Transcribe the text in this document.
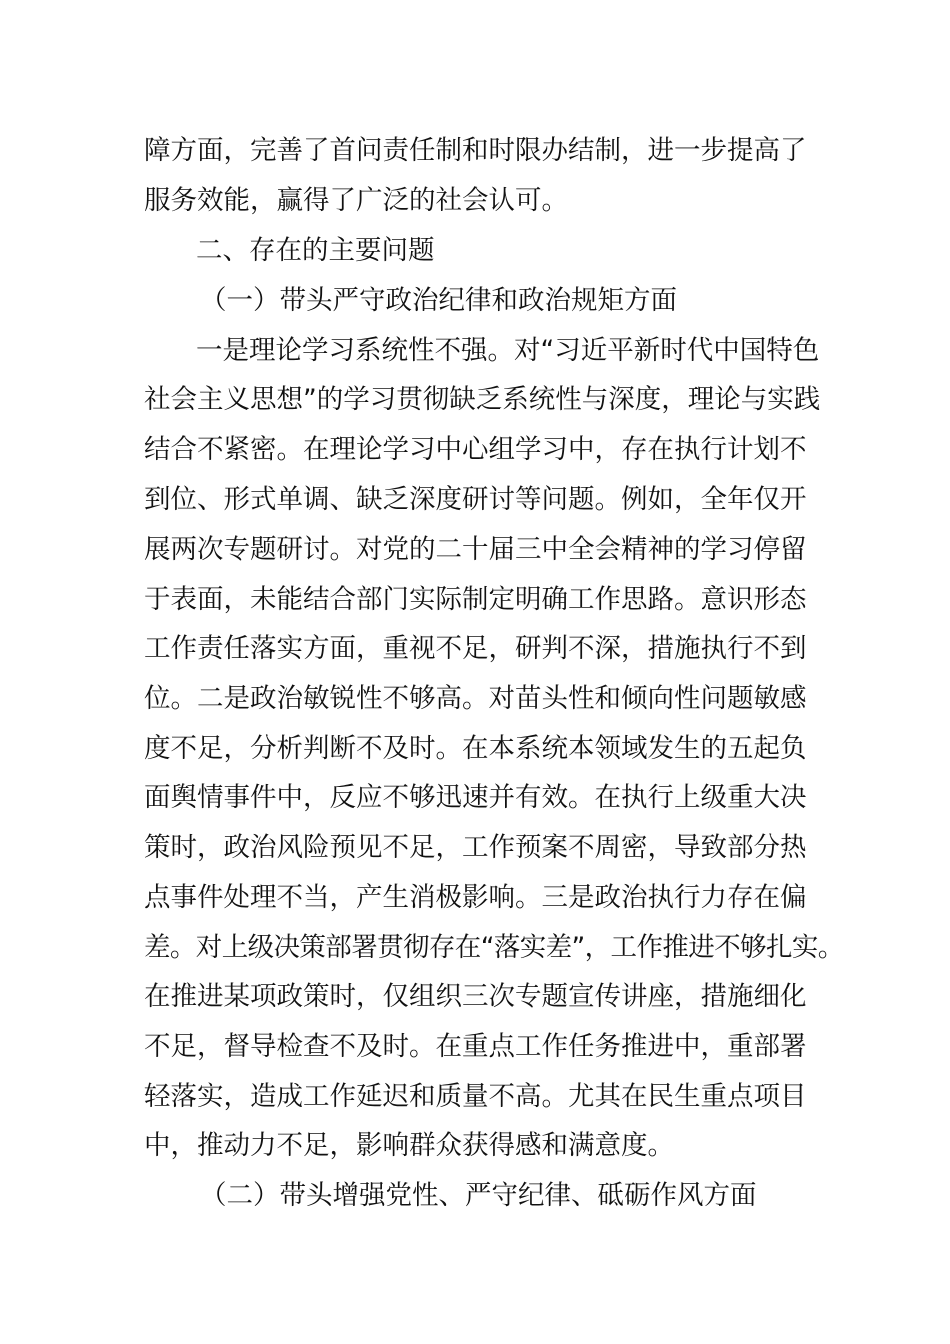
障方面，完善了首问责任制和时限办结制，进一步提高了

服务效能，赢得了广泛的社会认可。

二、存在的主要问题

（一）带头严守政治纪律和政治规矩方面

一是理论学习系统性不强。对“习近平新时代中国特色

社会主义思想”的学习贯彻缺乏系统性与深度，理论与实践

结合不紧密。在理论学习中心组学习中，存在执行计划不

到位、形式单调、缺乏深度研讨等问题。例如，全年仅开

展两次专题研讨。对党的二十届三中全会精神的学习停留

于表面，未能结合部门实际制定明确工作思路。意识形态

工作责任落实方面，重视不足，研判不深，措施执行不到

位。二是政治敏锐性不够高。对苗头性和倾向性问题敏感

度不足，分析判断不及时。在本系统本领域发生的五起负

面舆情事件中，反应不够迅速并有效。在执行上级重大决

策时，政治风险预见不足，工作预案不周密，导致部分热

点事件处理不当，产生消极影响。三是政治执行力存在偏

差。对上级决策部署贯彻存在“落实差”，工作推进不够扎实。

在推进某项政策时，仅组织三次专题宣传讲座，措施细化

不足，督导检查不及时。在重点工作任务推进中，重部署

轻落实，造成工作延迟和质量不高。尤其在民生重点项目

中，推动力不足，影响群众获得感和满意度。

（二）带头增强党性、严守纪律、砥砺作风方面
